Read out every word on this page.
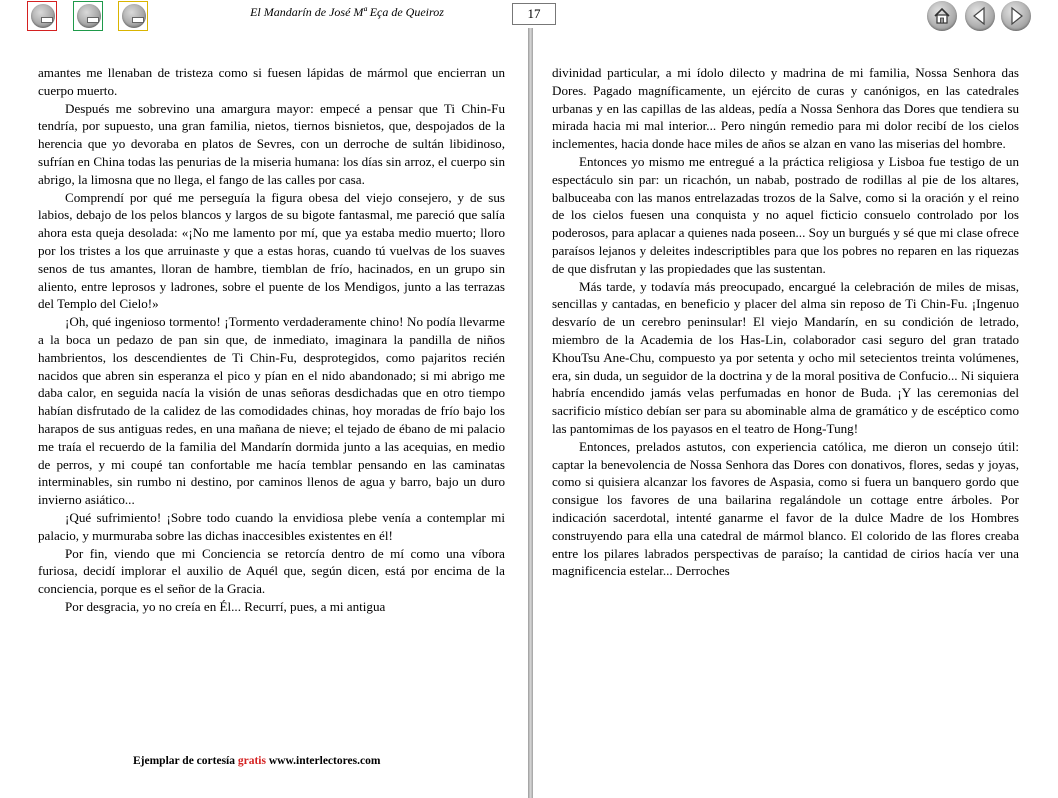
El Mandarín de José Mª Eça de Queiroz	17

amantes me llenaban de tristeza como si fuesen lápidas de mármol que encierran un cuerpo muerto.

Después me sobrevino una amargura mayor: empecé a pensar que Ti Chin-Fu tendría, por supuesto, una gran familia, nietos, tiernos bisnietos, que, despojados de la herencia que yo devoraba en platos de Sevres, con un derroche de sultán libidinoso, sufrían en China todas las penurias de la miseria humana: los días sin arroz, el cuerpo sin abrigo, la limosna que no llega, el fango de las calles por casa.

Comprendí por qué me perseguía la figura obesa del viejo consejero, y de sus labios, debajo de los pelos blancos y largos de su bigote fantasmal, me pareció que salía ahora esta queja desolada: «¡No me lamento por mí, que ya estaba medio muerto; lloro por los tristes a los que arruinaste y que a estas horas, cuando tú vuelvas de los suaves senos de tus amantes, lloran de hambre, tiemblan de frío, hacinados, en un grupo sin aliento, entre leprosos y ladrones, sobre el puente de los Mendigos, junto a las terrazas del Templo del Cielo!»

¡Oh, qué ingenioso tormento! ¡Tormento verdaderamente chino! No podía llevarme a la boca un pedazo de pan sin que, de inmediato, imaginara la pandilla de niños hambrientos, los descendientes de Ti Chin-Fu, desprotegidos, como pajaritos recién nacidos que abren sin esperanza el pico y pían en el nido abandonado; si mi abrigo me daba calor, en seguida nacía la visión de unas señoras desdichadas que en otro tiempo habían disfrutado de la calidez de las comodidades chinas, hoy moradas de frío bajo los harapos de sus antiguas redes, en una mañana de nieve; el tejado de ébano de mi palacio me traía el recuerdo de la familia del Mandarín dormida junto a las acequias, en medio de perros, y mi coupé tan confortable me hacía temblar pensando en las caminatas interminables, sin rumbo ni destino, por caminos llenos de agua y barro, bajo un duro invierno asiático...

¡Qué sufrimiento! ¡Sobre todo cuando la envidiosa plebe venía a contemplar mi palacio, y murmuraba sobre las dichas inaccesibles existentes en él!

Por fin, viendo que mi Conciencia se retorcía dentro de mí como una víbora furiosa, decidí implorar el auxilio de Aquél que, según dicen, está por encima de la conciencia, porque es el señor de la Gracia.

Por desgracia, yo no creía en Él... Recurrí, pues, a mi antigua

divinidad particular, a mi ídolo dilecto y madrina de mi familia, Nossa Senhora das Dores. Pagado magníficamente, un ejército de curas y canónigos, en las catedrales urbanas y en las capillas de las aldeas, pedía a Nossa Senhora das Dores que tendiera su mirada hacia mi mal interior... Pero ningún remedio para mi dolor recibí de los cielos inclementes, hacia donde hace miles de años se alzan en vano las miserias del hombre.

Entonces yo mismo me entregué a la práctica religiosa y Lisboa fue testigo de un espectáculo sin par: un ricachón, un nabab, postrado de rodillas al pie de los altares, balbuceaba con las manos entrelazadas trozos de la Salve, como si la oración y el reino de los cielos fuesen una conquista y no aquel ficticio consuelo controlado por los poderosos, para aplacar a quienes nada poseen... Soy un burgués y sé que mi clase ofrece paraísos lejanos y deleites indescriptibles para que los pobres no reparen en las riquezas de que disfrutan y las propiedades que las sustentan.

Más tarde, y todavía más preocupado, encargué la celebración de miles de misas, sencillas y cantadas, en beneficio y placer del alma sin reposo de Ti Chin-Fu. ¡Ingenuo desvarío de un cerebro peninsular! El viejo Mandarín, en su condición de letrado, miembro de la Academia de los Has-Lin, colaborador casi seguro del gran tratado KhouTsu Ane-Chu, compuesto ya por setenta y ocho mil setecientos treinta volúmenes, era, sin duda, un seguidor de la doctrina y de la moral positiva de Confucio... Ni siquiera habría encendido jamás velas perfumadas en honor de Buda. ¡Y las ceremonias del sacrificio místico debían ser para su abominable alma de gramático y de escéptico como las pantomimas de los payasos en el teatro de Hong-Tung!

Entonces, prelados astutos, con experiencia católica, me dieron un consejo útil: captar la benevolencia de Nossa Senhora das Dores con donativos, flores, sedas y joyas, como si quisiera alcanzar los favores de Aspasia, como si fuera un banquero gordo que consigue los favores de una bailarina regalándole un cottage entre árboles. Por indicación sacerdotal, intenté ganarme el favor de la dulce Madre de los Hombres construyendo para ella una catedral de mármol blanco. El colorido de las flores creaba entre los pilares labrados perspectivas de paraíso; la cantidad de cirios hacía ver una magnificencia estelar... Derroches

Ejemplar de cortesía gratis www.interlectores.com
